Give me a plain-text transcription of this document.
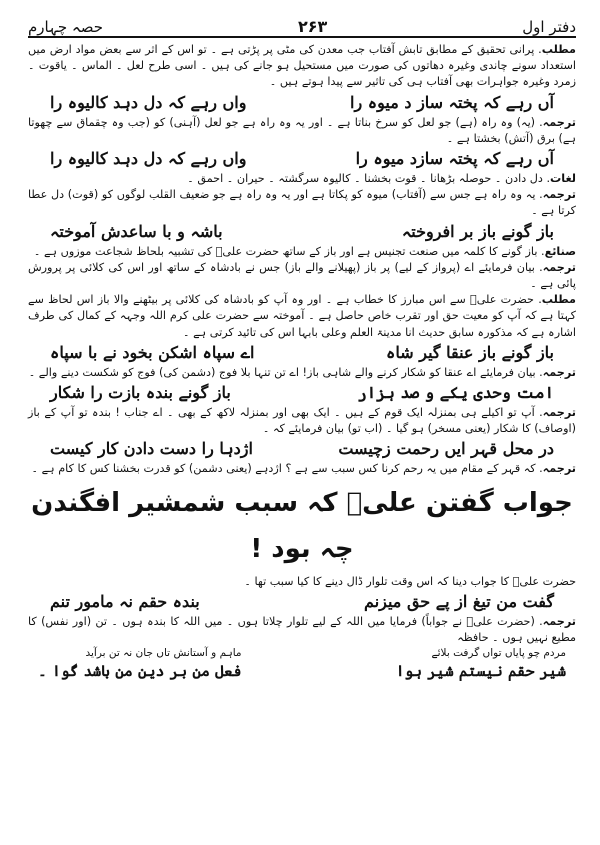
دفتر اول
۲۶۳
حصہ چہارم

مطلب. پرانی تحقیق کے مطابق تابش آفتاب جب معدن کی مٹی پر پڑتی ہے ۔ تو اس کے اثر سے بعض مواد ارض میں استعداد سونے چاندی وغیرہ دھاتوں کی صورت میں مستحیل ہو جانے کی ہیں ۔ اسی طرح لعل ۔ الماس ۔ یاقوت ۔ زمرد وغیرہ جواہرات بھی آفتاب ہی کی تاثیر سے پیدا ہوتے ہیں ۔

آں رہے کہ پختہ ساز د میوہ را
واں رہے کہ دل دہد کالیوہ را

ترجمہ. (یہ) وہ راہ (ہے) جو لعل کو سرخ بناتا ہے ۔ اور یہ وہ راہ ہے جو لعل (آہنی) کو (جب وہ چقماق سے چھوتا ہے) برق (آتش) بخشتا ہے ۔

آں رہے کہ پختہ سازد میوہ را
واں رہے کہ دل دہد کالیوہ را

لغات. دل دادن ۔ حوصلہ بڑھانا ۔ قوت بخشنا ۔ کالیوہ سرگشتہ ۔ حیران ۔ احمق ۔

ترجمہ. یہ وہ راہ ہے جس سے (آفتاب) میوہ کو پکاتا ہے اور یہ وہ راہ ہے جو ضعیف القلب لوگوں کو (قوت) دل عطا کرتا ہے ۔

باز گونے باز بر افروختہ
باشہ و با ساعدش آموختہ

صنائع. باز گونے کا کلمہ میں صنعت تجنیس ہے اور باز کے ساتھ حضرت علیؓ کی تشبیہ بلحاظ شجاعت موزوں ہے ۔

ترجمہ. بیان فرمایئے اے (پرواز کے لیے) پر باز (پھیلانے والے باز) جس نے بادشاہ کے ساتھ اور اس کی کلائی پر پرورش پائی ہے ۔

مطلب. حضرت علیؓ سے اس مبارز کا خطاب ہے ۔ اور وہ آپ کو بادشاہ کی کلائی پر بیٹھنے والا باز اس لحاظ سے کہتا ہے کہ آپ کو معیت حق اور تقرب خاص حاصل ہے ۔ آموختہ سے حضرت علی کرم اللہ وجہہ کے کمال کی طرف اشارہ ہے کہ مذکورہ سابق حدیث انا مدینۃ العلم وعلی بابہا اس کی تائید کرتی ہے ۔

باز گونے باز عنقا گیر شاہ
اے سپاہ اشکن بخود نے با سپاہ

ترجمہ. بیان فرمایئے اے عنقا کو شکار کرنے والے شاہی باز! اے تن تنہا بلا فوج (دشمن کی) فوج کو شکست دینے والے ۔

امت وحدی یکے و صد ہزار
باز گونے بندہ بازت را شکار

ترجمہ. آپ تو اکیلے ہی بمنزلہ ایک قوم کے ہیں ۔ ایک بھی اور بمنزلہ لاکھ کے بھی ۔ اے جناب ! بندہ تو آپ کے باز (اوصاف) کا شکار (یعنی مسخر) ہو گیا ۔ (اب تو) بیان فرمایئے کہ ۔

در محل قہر ایں رحمت زچیست
اژدہا را دست دادن کار کیست

ترجمہ. کہ قہر کے مقام میں یہ رحم کرنا کس سبب سے ہے ؟ اژدہے (یعنی دشمن) کو قدرت بخشنا کس کا کام ہے ۔

جواب گفتن علیؓ کہ سبب شمشیر افگندن چہ بود !

حضرت علیؓ کا جواب دینا کہ اس وقت تلوار ڈال دینے کا کیا سبب تھا ۔

گفت من تیغ از پے حق میزنم
بندہ حقم نہ مامور تنم

ترجمہ. (حضرت علیؓ نے جواباً) فرمایا میں اللہ کے لیے تلوار چلاتا ہوں ۔ میں اللہ کا بندہ ہوں ۔ تن (اور نفس) کا مطیع نہیں ہوں ۔ حافظہ

مردم چو پایاں تواں گرفت بلائے
شیر حقم نیستم شیر ہوا
ماہم و آستانش تاں جان نہ تن برآید
فعل من بر دین من باشد گوا ۔
